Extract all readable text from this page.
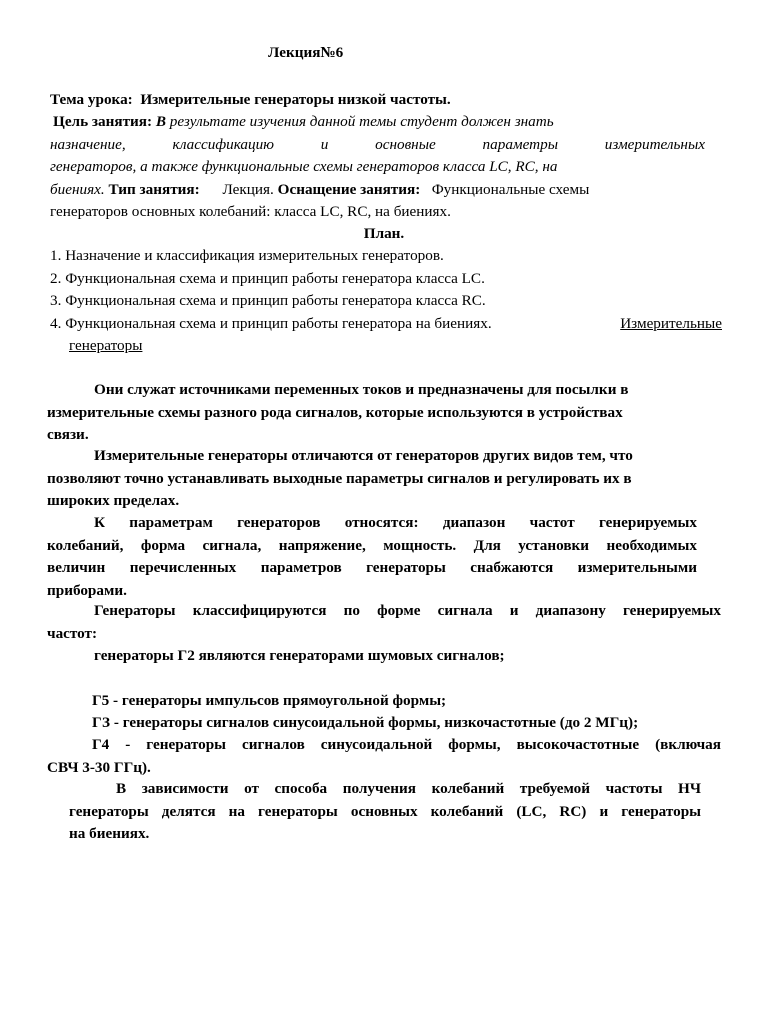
Лекция№6
Тема урока: Измерительные генераторы низкой частоты.
Цель занятия: В результате изучения данной темы студент должен знать
назначение, классификацию и основные параметры измерительных
генераторов, а также функциональные схемы генераторов класса LC, RC, на
биениях. Тип занятия: Лекция. Оснащение занятия: Функциональные схемы
генераторов основных колебаний: класса LC, RC, на биениях.
План.
1. Назначение и классификация измерительных генераторов.
2. Функциональная схема и принцип работы генератора класса LC.
3. Функциональная схема и принцип работы генератора класса RC.
4. Функциональная схема и принцип работы генератора на биениях.	Измерительные
генераторы
Они служат источниками переменных токов и предназначены для посылки в
измерительные схемы разного рода сигналов, которые используются в устройствах
связи.
Измерительные генераторы отличаются от генераторов других видов тем, что
позволяют точно устанавливать выходные параметры сигналов и регулировать их в
широких пределах.
К параметрам генераторов относятся: диапазон частот генерируемых
колебаний, форма сигнала, напряжение, мощность. Для установки необходимых
величин перечисленных параметров генераторы снабжаются измерительными
приборами.
Генераторы классифицируются по форме сигнала и диапазону генерируемых
частот:
генераторы Г2 являются генераторами шумовых сигналов;
Г5 - генераторы импульсов прямоугольной формы;
ГЗ - генераторы сигналов синусоидальной формы, низкочастотные (до 2 МГц);
Г4 - генераторы сигналов синусоидальной формы, высокочастотные (включая
СВЧ 3-30 ГГц).
В зависимости от способа получения колебаний требуемой частоты НЧ
генераторы делятся на генераторы основных колебаний (LC, RC) и генераторы
на биениях.
